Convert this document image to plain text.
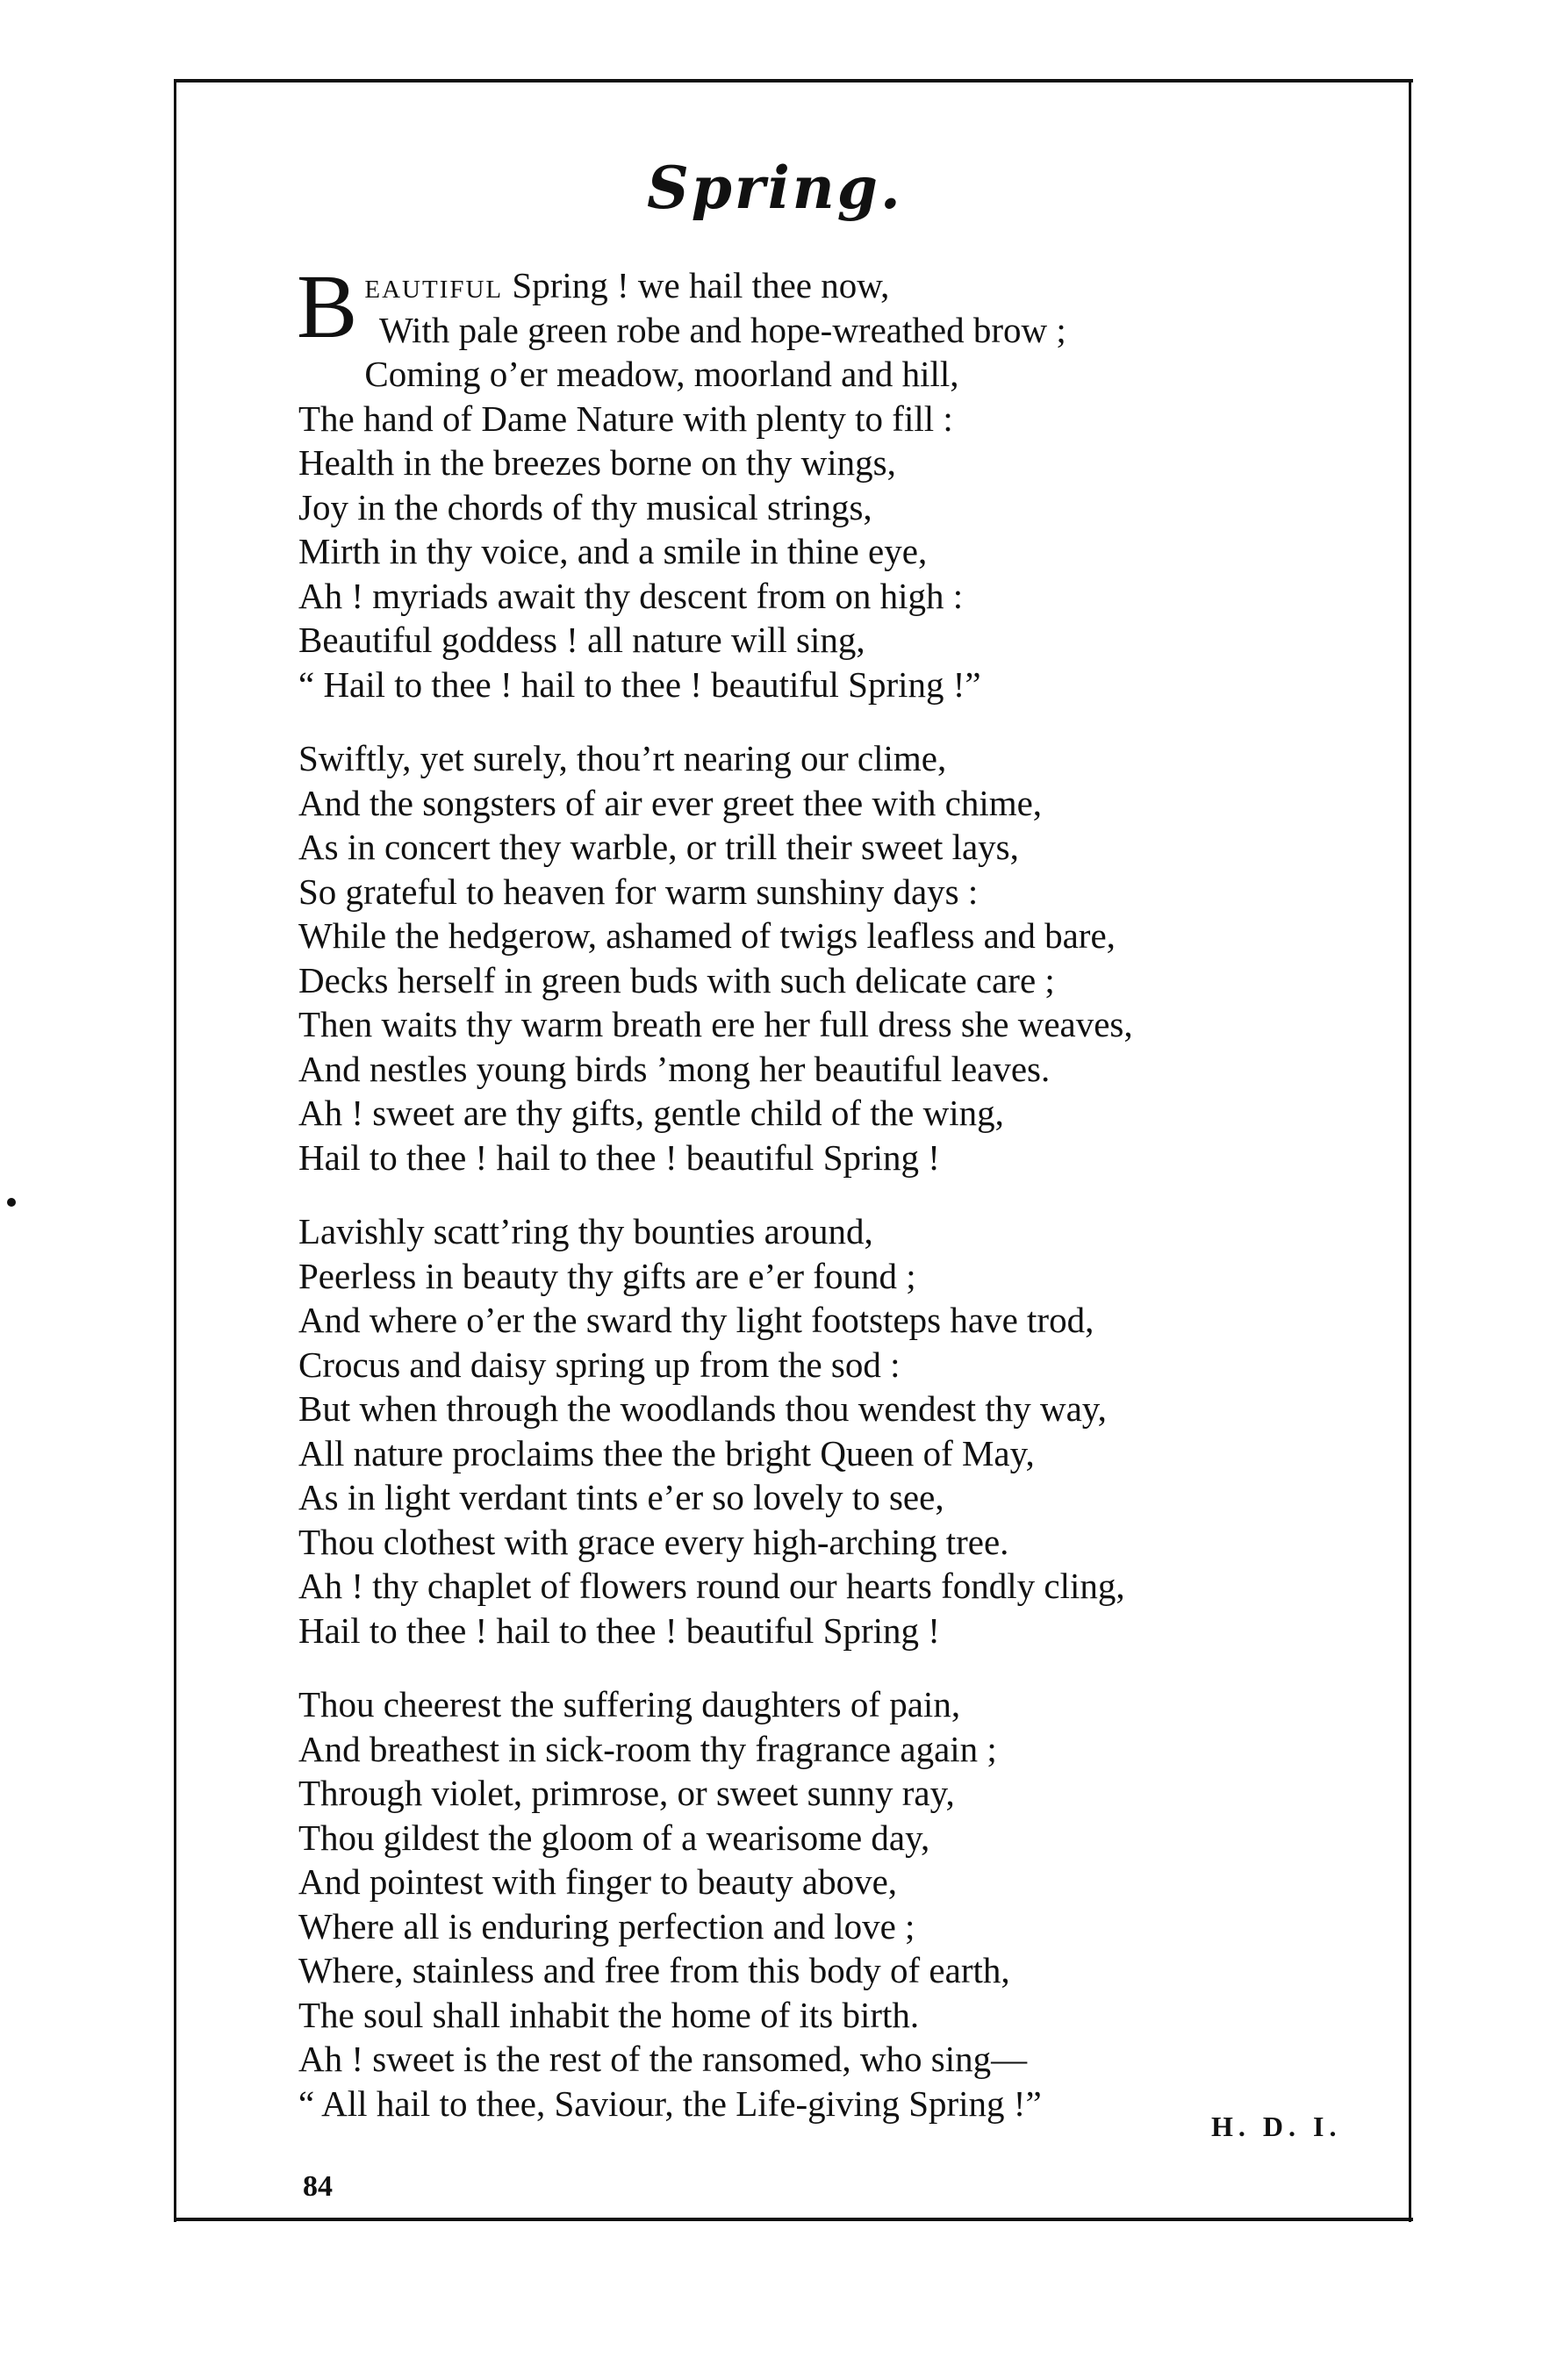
Spring.
Beautiful Spring ! we hail thee now,
With pale green robe and hope-wreathed brow ;
Coming o’er meadow, moorland and hill,
The hand of Dame Nature with plenty to fill :
Health in the breezes borne on thy wings,
Joy in the chords of thy musical strings,
Mirth in thy voice, and a smile in thine eye,
Ah ! myriads await thy descent from on high :
Beautiful goddess ! all nature will sing,
“ Hail to thee ! hail to thee ! beautiful Spring !”
Swiftly, yet surely, thou’rt nearing our clime,
And the songsters of air ever greet thee with chime,
As in concert they warble, or trill their sweet lays,
So grateful to heaven for warm sunshiny days :
While the hedgerow, ashamed of twigs leafless and bare,
Decks herself in green buds with such delicate care ;
Then waits thy warm breath ere her full dress she weaves,
And nestles young birds ’mong her beautiful leaves.
Ah ! sweet are thy gifts, gentle child of the wing,
Hail to thee ! hail to thee ! beautiful Spring !
Lavishly scatt’ring thy bounties around,
Peerless in beauty thy gifts are e’er found ;
And where o’er the sward thy light footsteps have trod,
Crocus and daisy spring up from the sod :
But when through the woodlands thou wendest thy way,
All nature proclaims thee the bright Queen of May,
As in light verdant tints e’er so lovely to see,
Thou clothest with grace every high-arching tree.
Ah ! thy chaplet of flowers round our hearts fondly cling,
Hail to thee ! hail to thee ! beautiful Spring !
Thou cheerest the suffering daughters of pain,
And breathest in sick-room thy fragrance again ;
Through violet, primrose, or sweet sunny ray,
Thou gildest the gloom of a wearisome day,
And pointest with finger to beauty above,
Where all is enduring perfection and love ;
Where, stainless and free from this body of earth,
The soul shall inhabit the home of its birth.
Ah ! sweet is the rest of the ransomed, who sing—
“ All hail to thee, Saviour, the Life-giving Spring !”
H. D. I.
84
